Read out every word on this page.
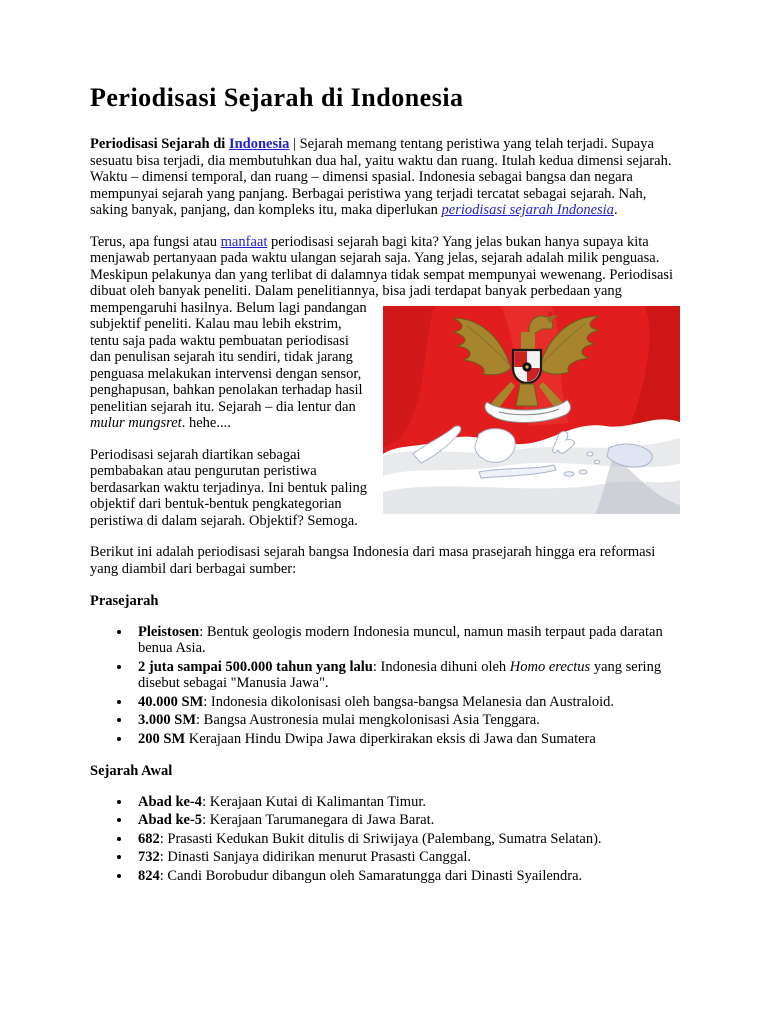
Periodisasi Sejarah di Indonesia

Periodisasi Sejarah di Indonesia | Sejarah memang tentang peristiwa yang telah terjadi. Supaya sesuatu bisa terjadi, dia membutuhkan dua hal, yaitu waktu dan ruang. Itulah kedua dimensi sejarah. Waktu – dimensi temporal, dan ruang – dimensi spasial. Indonesia sebagai bangsa dan negara mempunyai sejarah yang panjang. Berbagai peristiwa yang terjadi tercatat sebagai sejarah. Nah, saking banyak, panjang, dan kompleks itu, maka diperlukan periodisasi sejarah Indonesia.

Terus, apa fungsi atau manfaat periodisasi sejarah bagi kita? Yang jelas bukan hanya supaya kita menjawab pertanyaan pada waktu ulangan sejarah saja. Yang jelas, sejarah adalah milik penguasa. Meskipun pelakunya dan yang terlibat di dalamnya tidak sempat mempunyai wewenang. Periodisasi dibuat oleh banyak peneliti. Dalam penelitiannya, bisa jadi terdapat
banyak perbedaan yang mempengaruhi hasilnya. Belum lagi pandangan subjektif peneliti. Kalau mau lebih ekstrim, tentu saja pada waktu pembuatan periodisasi dan penulisan sejarah itu sendiri, tidak jarang penguasa melakukan intervensi dengan sensor, penghapusan, bahkan penolakan terhadap hasil penelitian sejarah itu. Sejarah – dia lentur dan mulur mungsret. hehe....

Periodisasi sejarah diartikan sebagai pembabakan atau pengurutan peristiwa berdasarkan waktu terjadinya. Ini bentuk paling objektif dari bentuk-bentuk pengkategorian peristiwa di dalam sejarah. Objektif? Semoga.

Berikut ini adalah periodisasi sejarah bangsa Indonesia dari masa prasejarah hingga era reformasi yang diambil dari berbagai sumber:

Prasejarah
• Pleistosen: Bentuk geologis modern Indonesia muncul, namun masih terpaut pada daratan benua Asia.
• 2 juta sampai 500.000 tahun yang lalu: Indonesia dihuni oleh Homo erectus yang sering disebut sebagai "Manusia Jawa".
• 40.000 SM: Indonesia dikolonisasi oleh bangsa-bangsa Melanesia dan Australoid.
• 3.000 SM: Bangsa Austronesia mulai mengkolonisasi Asia Tenggara.
• 200 SM Kerajaan Hindu Dwipa Jawa diperkirakan eksis di Jawa dan Sumatera
Sejarah Awal
• Abad ke-4: Kerajaan Kutai di Kalimantan Timur.
• Abad ke-5: Kerajaan Tarumanegara di Jawa Barat.
• 682: Prasasti Kedukan Bukit ditulis di Sriwijaya (Palembang, Sumatra Selatan).
• 732: Dinasti Sanjaya didirikan menurut Prasasti Canggal.
• 824: Candi Borobudur dibangun oleh Samaratungga dari Dinasti Syailendra.
